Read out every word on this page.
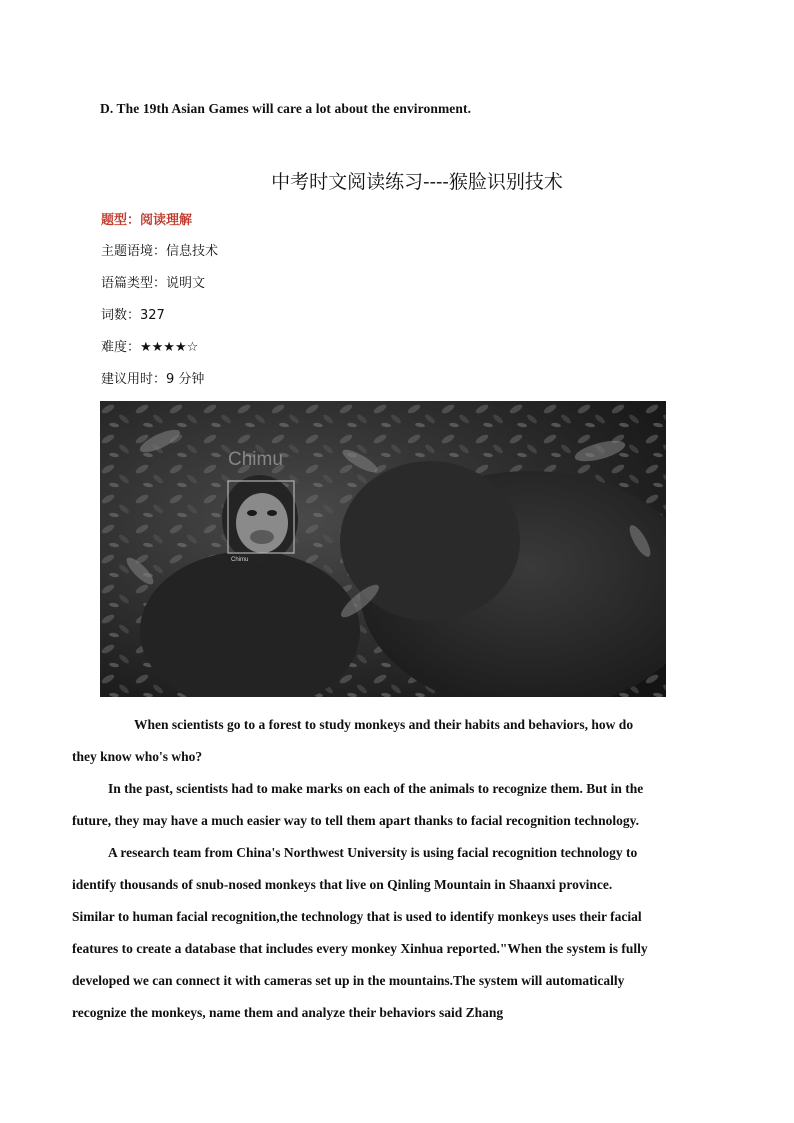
D. The 19th Asian Games will care a lot about the environment.
中考时文阅读练习----猴脸识别技术
题型：阅读理解
主题语境：信息技术
语篇类型：说明文
词数：327
难度：★★★★☆
建议用时：9 分钟
Chimu
Chimu
When scientists go to a forest to study monkeys and their habits and behaviors, how do
they know who's who?
In the past, scientists had to make marks on each of the animals to recognize them. But in the
future, they may have a much easier way to tell them apart thanks to facial recognition technology.
A research team from China's Northwest University is using facial recognition technology to
identify thousands of snub-nosed monkeys that live on Qinling Mountain in Shaanxi province.
Similar to human facial recognition,the technology that is used to identify monkeys uses their facial
features to create a database that includes every monkey Xinhua reported."When the system is fully
developed we can connect it with cameras set up in the mountains.The system will automatically
recognize the monkeys, name them and analyze their behaviors said Zhang
